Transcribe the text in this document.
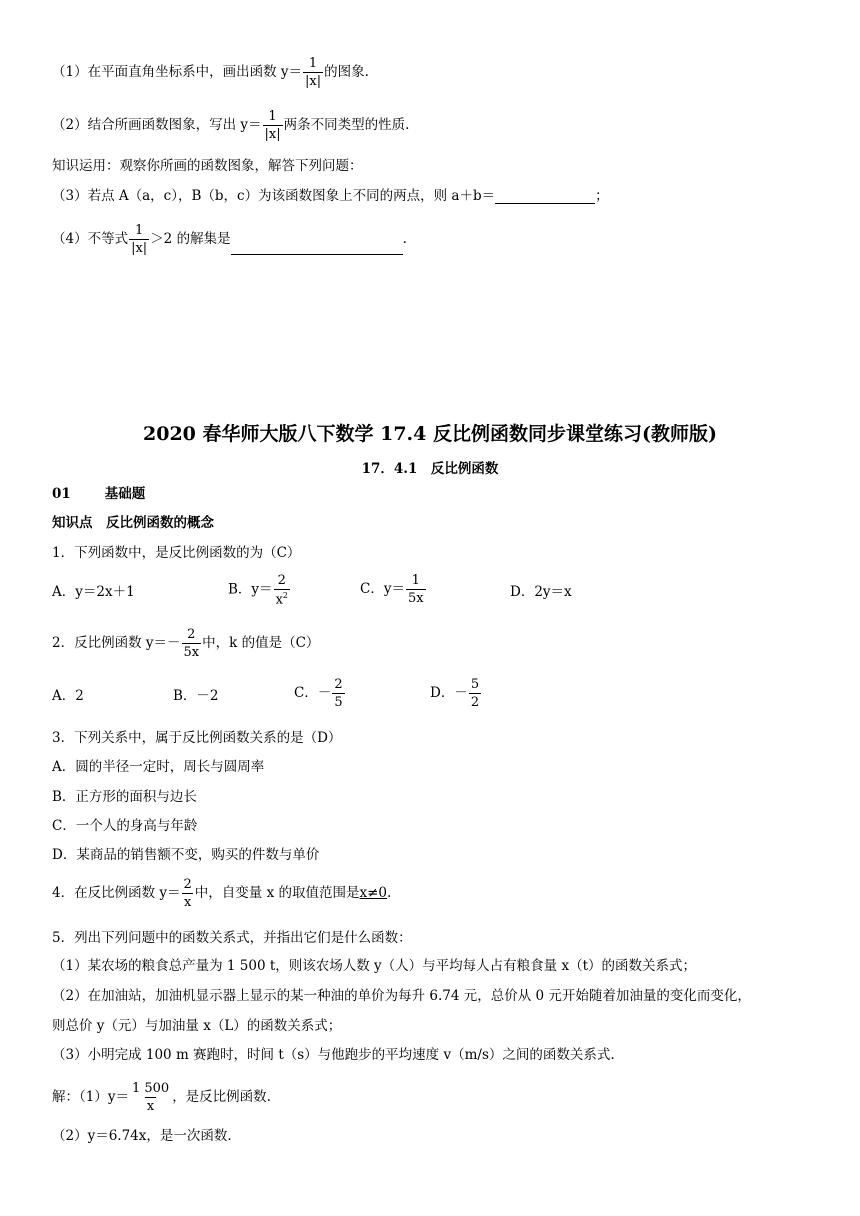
（1）在平面直角坐标系中，画出函数 $y= \frac{1}{|x|}$ 的图象.
（2）结合所画函数图象，写出 $y= \frac{1}{|x|}$ 两条不同类型的性质.
知识运用：观察你所画的函数图象，解答下列问题：
（3）若点 A（a，c），B（b，c）为该函数图象上不同的两点，则 a＋b＝	；
（4）不等式 $\frac{1}{|x|} >2$ 的解集是	.
2020 春华师大版八下数学 17.4 反比例函数同步课堂练习(教师版)
17．4.1　反比例函数
01	基础题
知识点　反比例函数的概念
1．下列函数中，是反比例函数的为（C）
A．y＝2x＋1	B．$y= \frac{2}{x^2}$	C．$y= \frac{1}{5x}$	D．2y＝x
2．反比例函数 $y=- \frac{2}{5x}$ 中，k 的值是（C）
A．2	B．－2	C．－ $\frac{2}{5}$	D．－ $\frac{5}{2}$
3．下列关系中，属于反比例函数关系的是（D）
A．圆的半径一定时，周长与圆周率
B．正方形的面积与边长
C．一个人的身高与年龄
D．某商品的销售额不变，购买的件数与单价
4．在反比例函数 $y= \frac{2}{x}$ 中，自变量 x 的取值范围是x≠0.
5．列出下列问题中的函数关系式，并指出它们是什么函数：
（1）某农场的粮食总产量为 1 500 t，则该农场人数 y（人）与平均每人占有粮食量 x（t）的函数关系式；
（2）在加油站，加油机显示器上显示的某一种油的单价为每升 6.74 元，总价从 0 元开始随着加油量的变化而变化，
则总价 y（元）与加油量 x（L）的函数关系式；
（3）小明完成 100 m 赛跑时，时间 t（s）与他跑步的平均速度 v（m/s）之间的函数关系式.
解：$(1)y= \frac{1 500}{x}$ ，是反比例函数.
（2）y＝6.74x，是一次函数.
